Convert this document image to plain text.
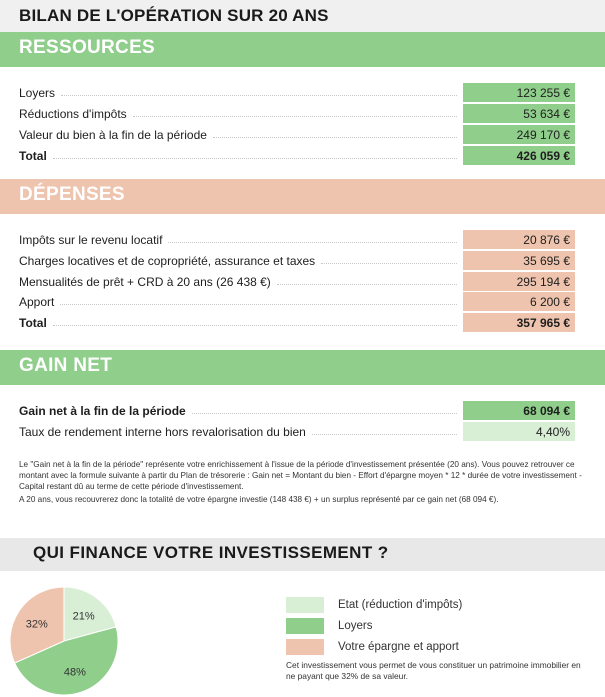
BILAN DE L'OPÉRATION SUR 20 ANS
RESSOURCES
Loyers	123 255 €
Réductions d'impôts	53 634 €
Valeur du bien à la fin de la période	249 170 €
Total	426 059 €
DÉPENSES
Impôts sur le revenu locatif	20 876 €
Charges locatives et de copropriété, assurance et taxes	35 695 €
Mensualités de prêt + CRD à 20 ans (26 438 €)	295 194 €
Apport	6 200 €
Total	357 965 €
GAIN NET
Gain net à la fin de la période	68 094 €
Taux de rendement interne hors revalorisation du bien	4,40%

Le "Gain net à la fin de la période" représente votre enrichissement à l'issue de la période d'investissement présentée (20 ans). Vous pouvez retrouver ce montant avec la formule suivante à partir du Plan de trésorerie : Gain net = Montant du bien - Effort d'épargne moyen * 12 * durée de votre investissement - Capital restant dû au terme de cette période d'investissement.

A 20 ans, vous recouvrerez donc la totalité de votre épargne investie (148 438 €) + un surplus représenté par ce gain net (68 094 €).

QUI FINANCE VOTRE INVESTISSEMENT ?
21%
48%
32%
Etat (réduction d'impôts)
Loyers
Votre épargne et apport
Cet investissement vous permet de vous constituer un patrimoine immobilier en ne payant que 32% de sa valeur.
